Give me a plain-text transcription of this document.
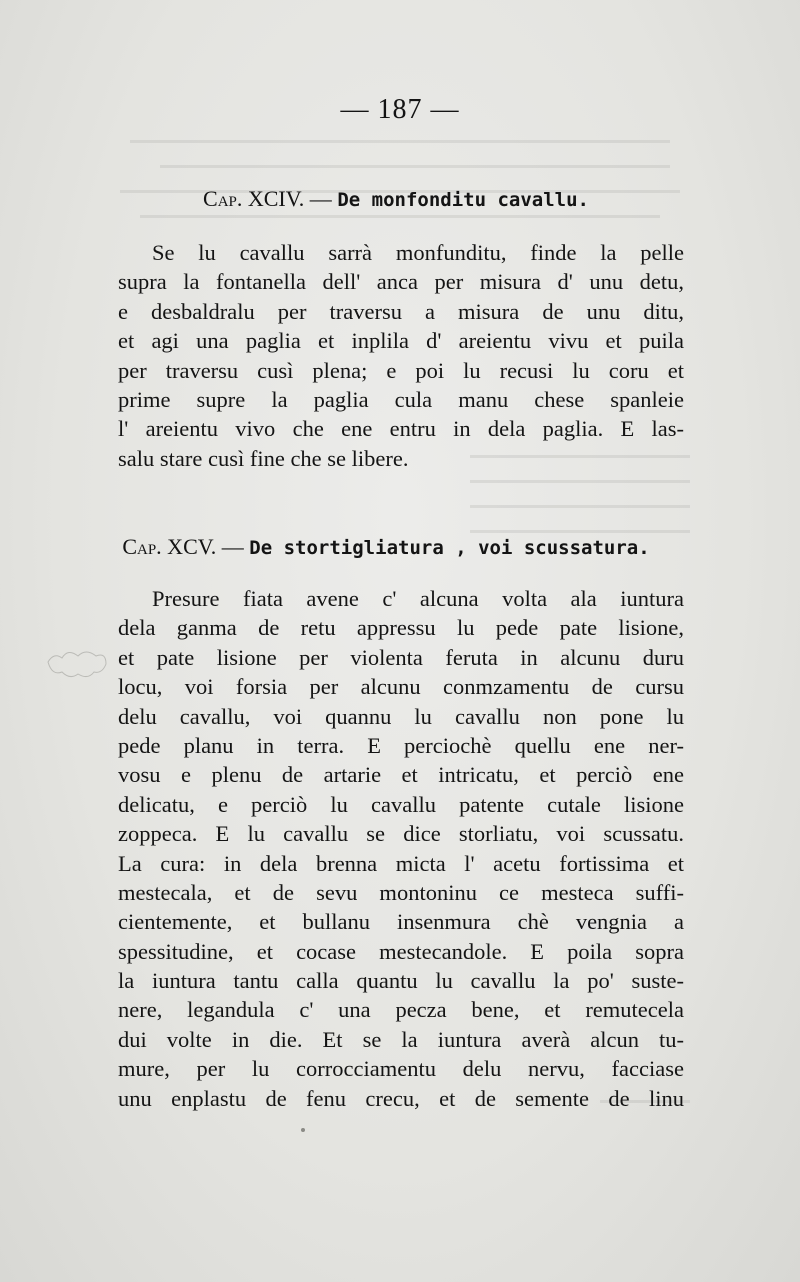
— 187 —
Cap. XCIV. — De monfonditu cavallu.
Se lu cavallu sarrà monfunditu, finde la pelle
supra la fontanella dell' anca per misura d' unu detu,
e desbaldralu per traversu a misura de unu ditu,
et agi una paglia et inplila d' areientu vivu et puila
per traversu cusì plena; e poi lu recusi lu coru et
prime supre la paglia cula manu chese spanleie
l' areientu vivo che ene entru in dela paglia. E las-
salu stare cusì fine che se libere.
Cap. XCV. — De stortigliatura , voi scussatura.
Presure fiata avene c' alcuna volta ala iuntura
dela ganma de retu appressu lu pede pate lisione,
et pate lisione per violenta feruta in alcunu duru
locu, voi forsia per alcunu conmzamentu de cursu
delu cavallu, voi quannu lu cavallu non pone lu
pede planu in terra. E perciochè quellu ene ner-
vosu e plenu de artarie et intricatu, et perciò ene
delicatu, e perciò lu cavallu patente cutale lisione
zoppeca. E lu cavallu se dice storliatu, voi scussatu.
La cura: in dela brenna micta l' acetu fortissima et
mestecala, et de sevu montoninu ce mesteca suffi-
cientemente, et bullanu insenmura chè vengnia a
spessitudine, et cocase mestecandole. E poila sopra
la iuntura tantu calla quantu lu cavallu la po' suste-
nere, legandula c' una pecza bene, et remutecela
dui volte in die. Et se la iuntura averà alcun tu-
mure, per lu corrocciamentu delu nervu, facciase
unu enplastu de fenu crecu, et de semente de linu
